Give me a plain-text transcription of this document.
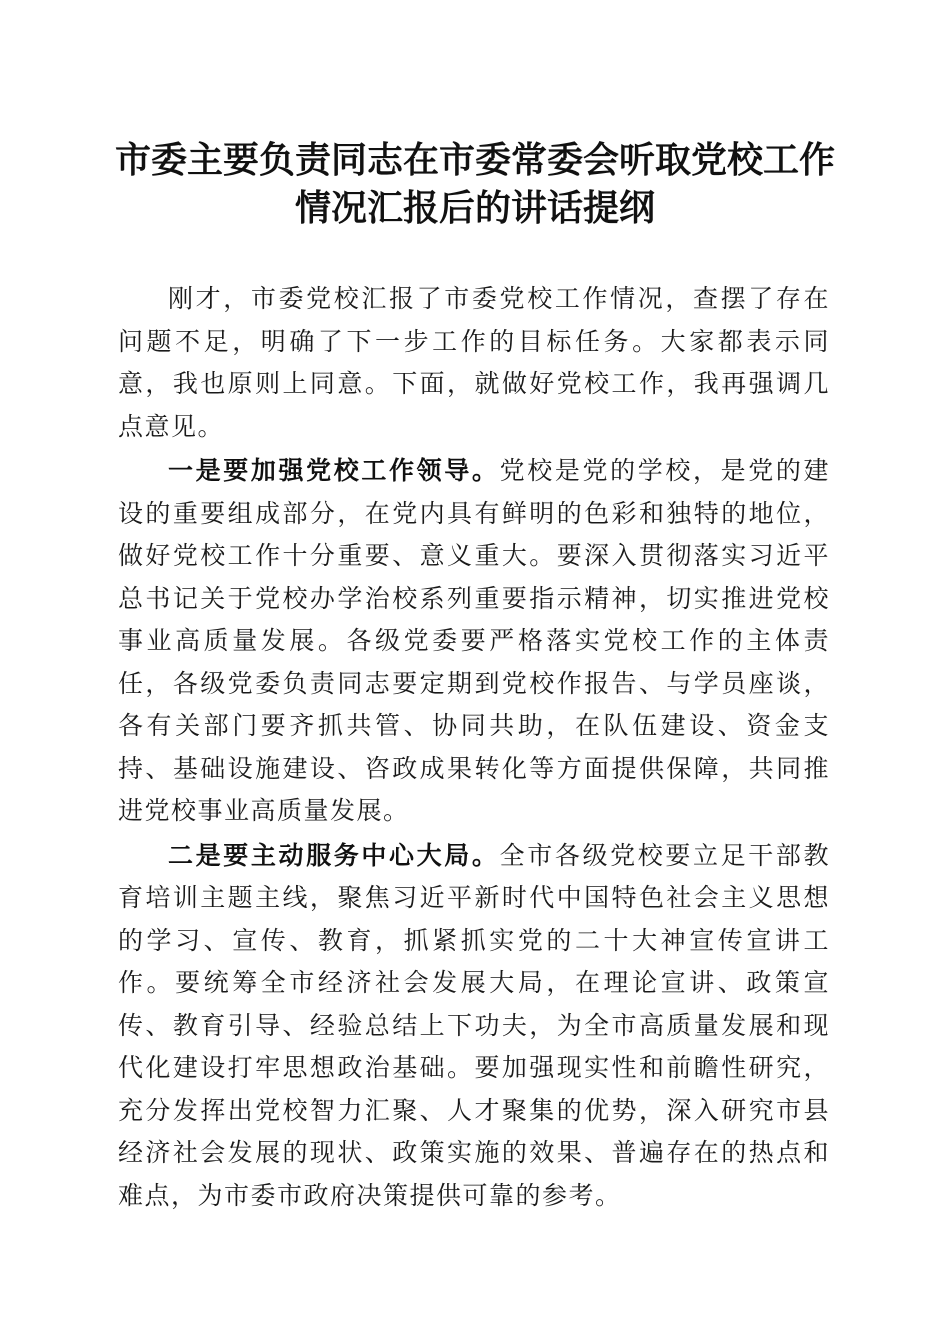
市委主要负责同志在市委常委会听取党校工作
情况汇报后的讲话提纲

刚才，市委党校汇报了市委党校工作情况，查摆了存在问题不足，明确了下一步工作的目标任务。大家都表示同意，我也原则上同意。下面，就做好党校工作，我再强调几点意见。

一是要加强党校工作领导。党校是党的学校，是党的建设的重要组成部分，在党内具有鲜明的色彩和独特的地位，做好党校工作十分重要、意义重大。要深入贯彻落实习近平总书记关于党校办学治校系列重要指示精神，切实推进党校事业高质量发展。各级党委要严格落实党校工作的主体责任，各级党委负责同志要定期到党校作报告、与学员座谈，各有关部门要齐抓共管、协同共助，在队伍建设、资金支持、基础设施建设、咨政成果转化等方面提供保障，共同推进党校事业高质量发展。

二是要主动服务中心大局。全市各级党校要立足干部教育培训主题主线，聚焦习近平新时代中国特色社会主义思想的学习、宣传、教育，抓紧抓实党的二十大神宣传宣讲工作。要统筹全市经济社会发展大局，在理论宣讲、政策宣传、教育引导、经验总结上下功夫，为全市高质量发展和现代化建设打牢思想政治基础。要加强现实性和前瞻性研究，充分发挥出党校智力汇聚、人才聚集的优势，深入研究市县经济社会发展的现状、政策实施的效果、普遍存在的热点和难点，为市委市政府决策提供可靠的参考。
